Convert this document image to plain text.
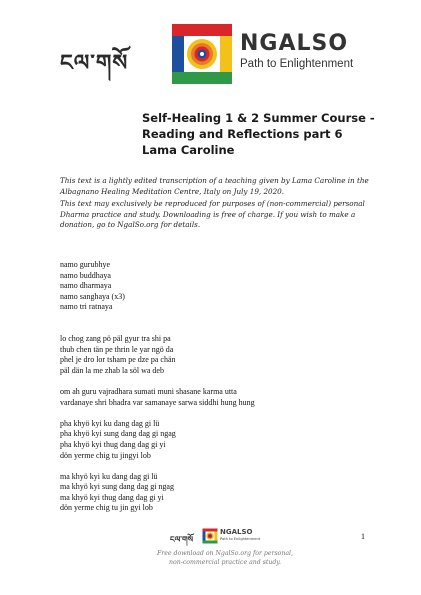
ངལ་གསོ
NGALSO
Path to Enlightenment
Self-Healing 1 & 2 Summer Course -
Reading and Reflections part 6
Lama Caroline

This text is a lightly edited transcription of a teaching given by Lama Caroline in the
Albagnano Healing Meditation Centre, Italy on July 19, 2020.

This text may exclusively be reproduced for purposes of (non-commercial) personal
Dharma practice and study. Downloading is free of charge. If you wish to make a
donation, go to NgalSo.org for details.

namo gurubhye
namo buddhaya
namo dharmaya
namo sanghaya (x3)
namo tri ratnaya
lo chog zang pö päl gyur tra shi pa
thub chen tän pe thrin le yar ngö da
phel je dro lor tsham pe dze pa chän
päl dän la me zhab la söl wa deb
om ah guru vajradhara sumati muni shasane karma utta
vardanaye shri bhadra var samanaye sarwa siddhi hung hung
pha khyö kyi ku dang dag gi lü
pha khyö kyi sung dang dag gi ngag
pha khyö kyi thug dang dag gi yi
dön yerme chig tu jingyi lob
ma khyö kyi ku dang dag gi lü
ma khyö kyi sung dang dag gi ngag
ma khyö kyi thug dang dag gi yi
dön yerme chig tu jin gyi lob
ངལ་གསོ
NGALSO
Path to Enlightenment
Free download on NgalSo.org for personal,
non-commercial practice and study.
1
